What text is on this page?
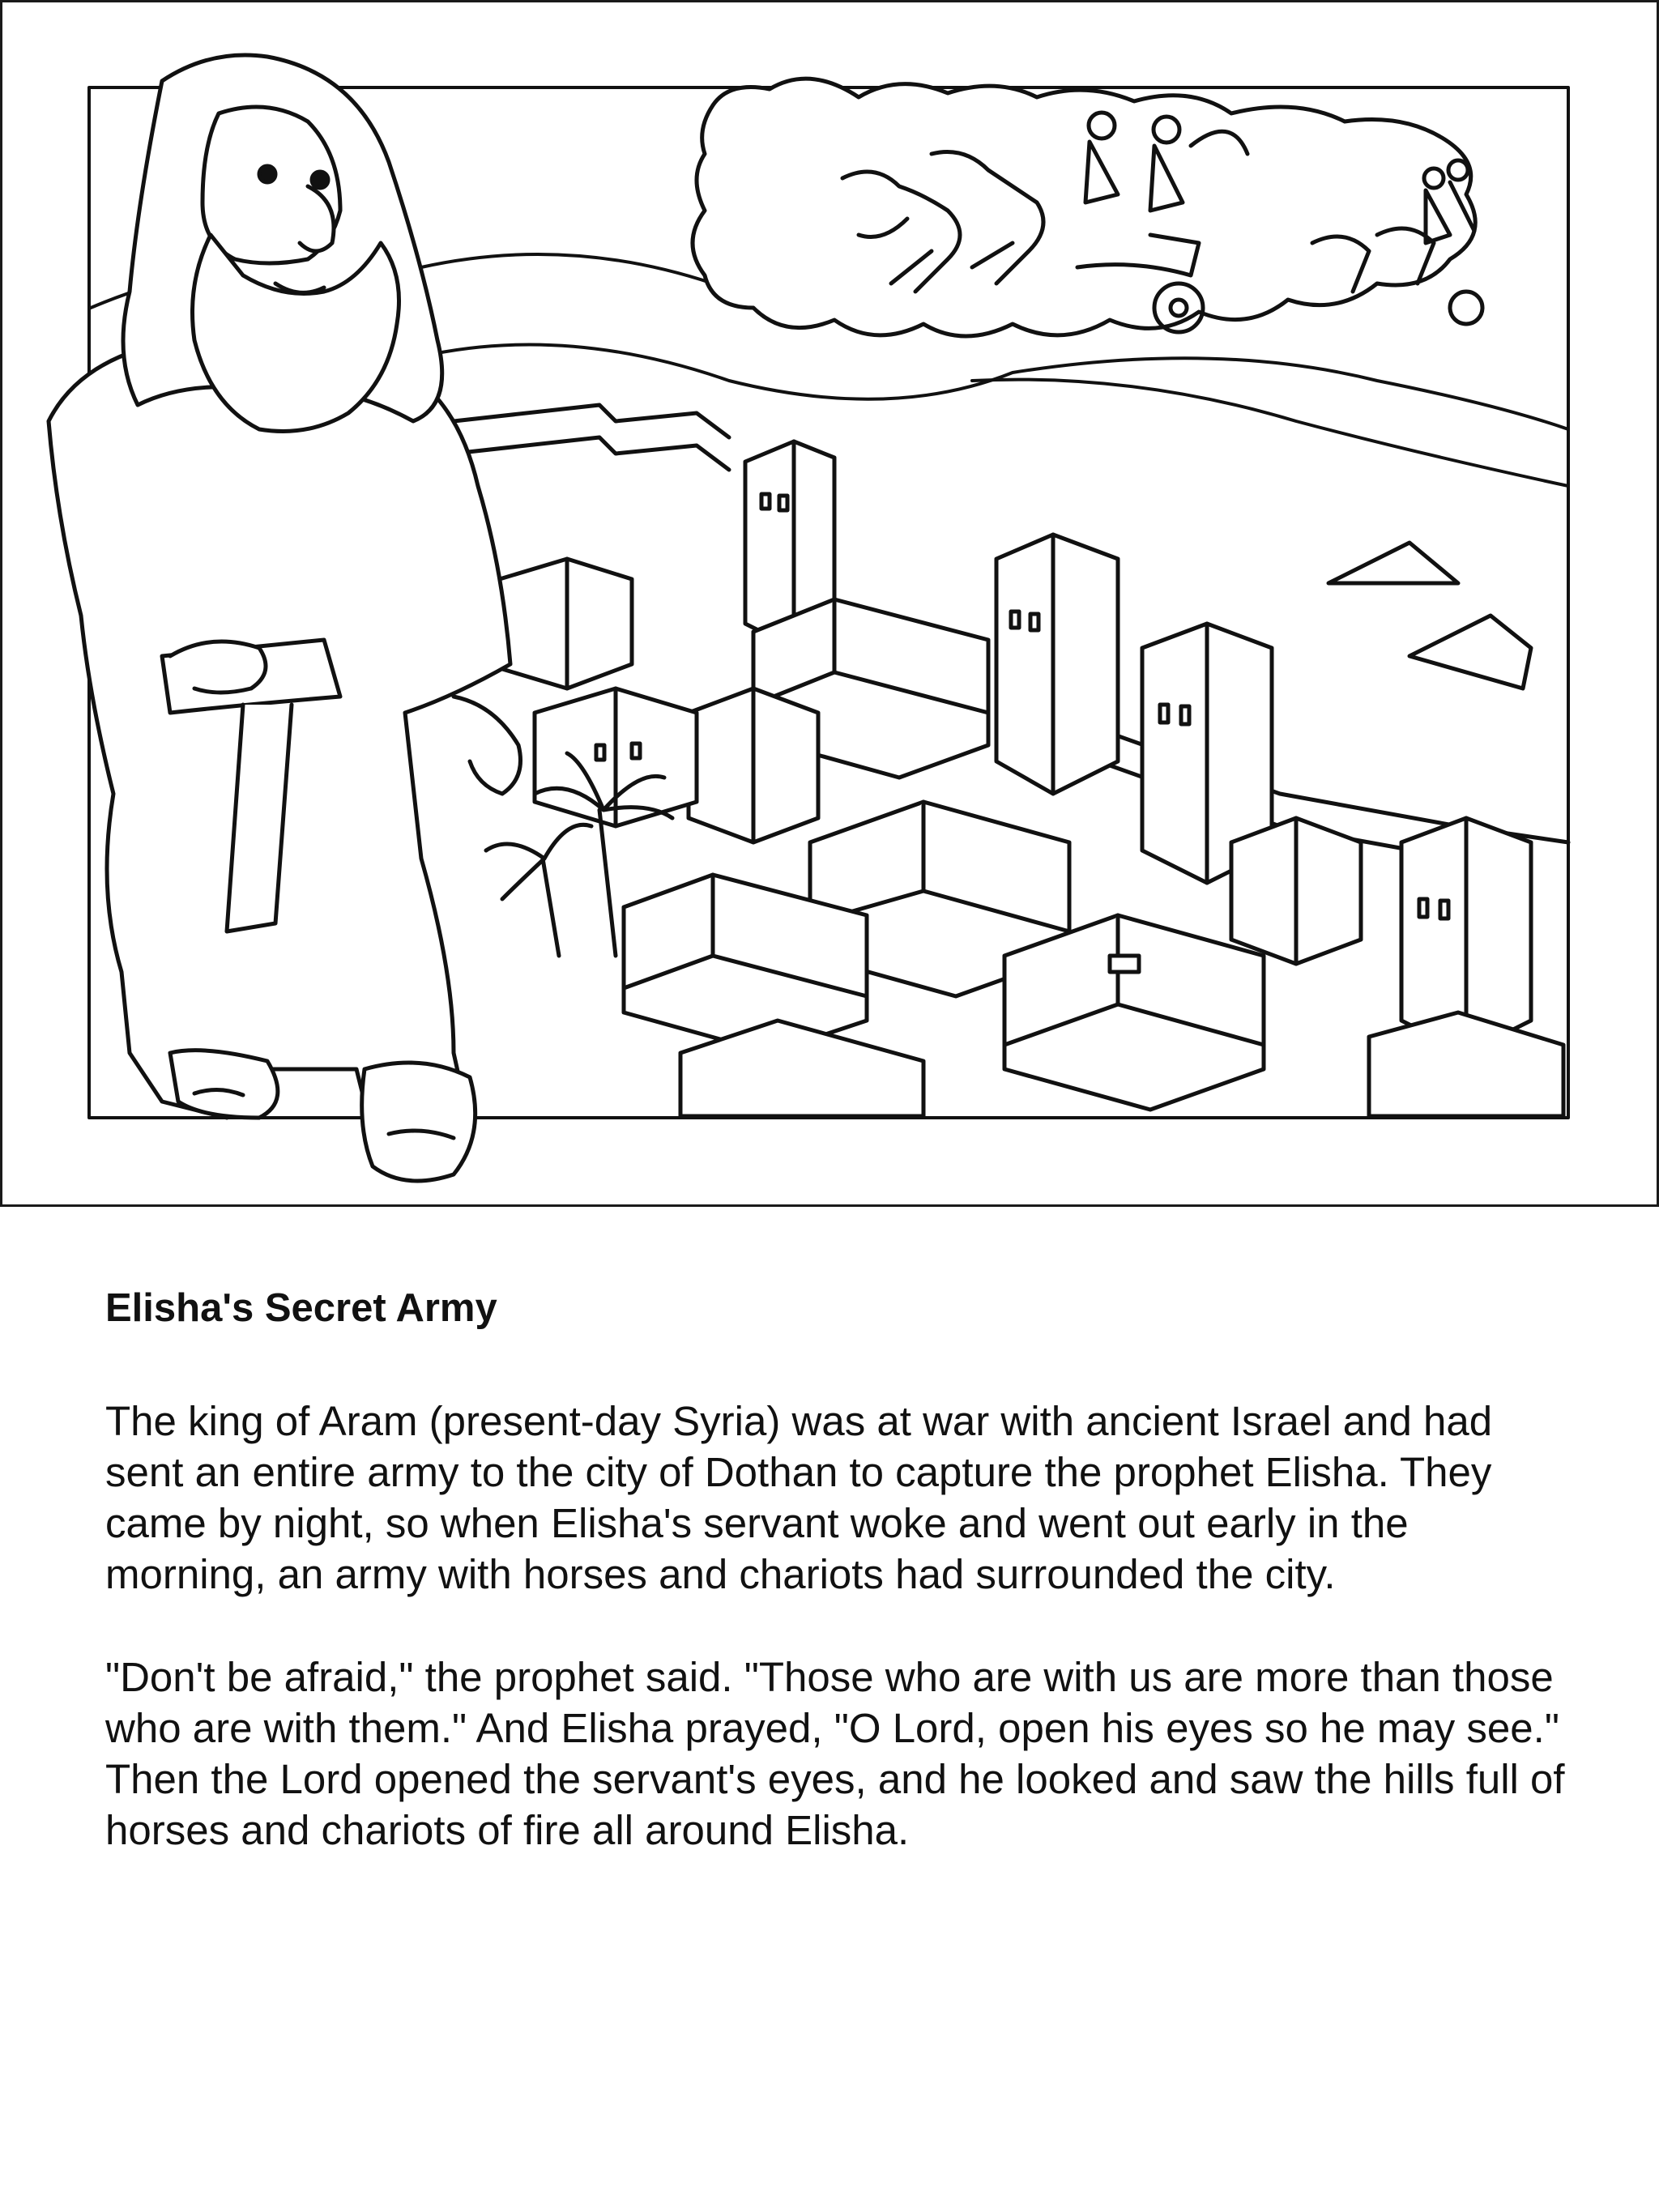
Elisha's Secret Army

The king of Aram (present-day Syria) was at war with ancient Israel and had sent an entire army to the city of Dothan to capture the prophet Elisha. They came by night, so when Elisha's servant woke and went out early in the morning, an army with horses and chariots had surrounded the city.

"Don't be afraid," the prophet said. "Those who are with us are more than those who are with them." And Elisha prayed, "O Lord, open his eyes so he may see." Then the Lord opened the servant's eyes, and he looked and saw the hills full of horses and chariots of fire all around Elisha.
